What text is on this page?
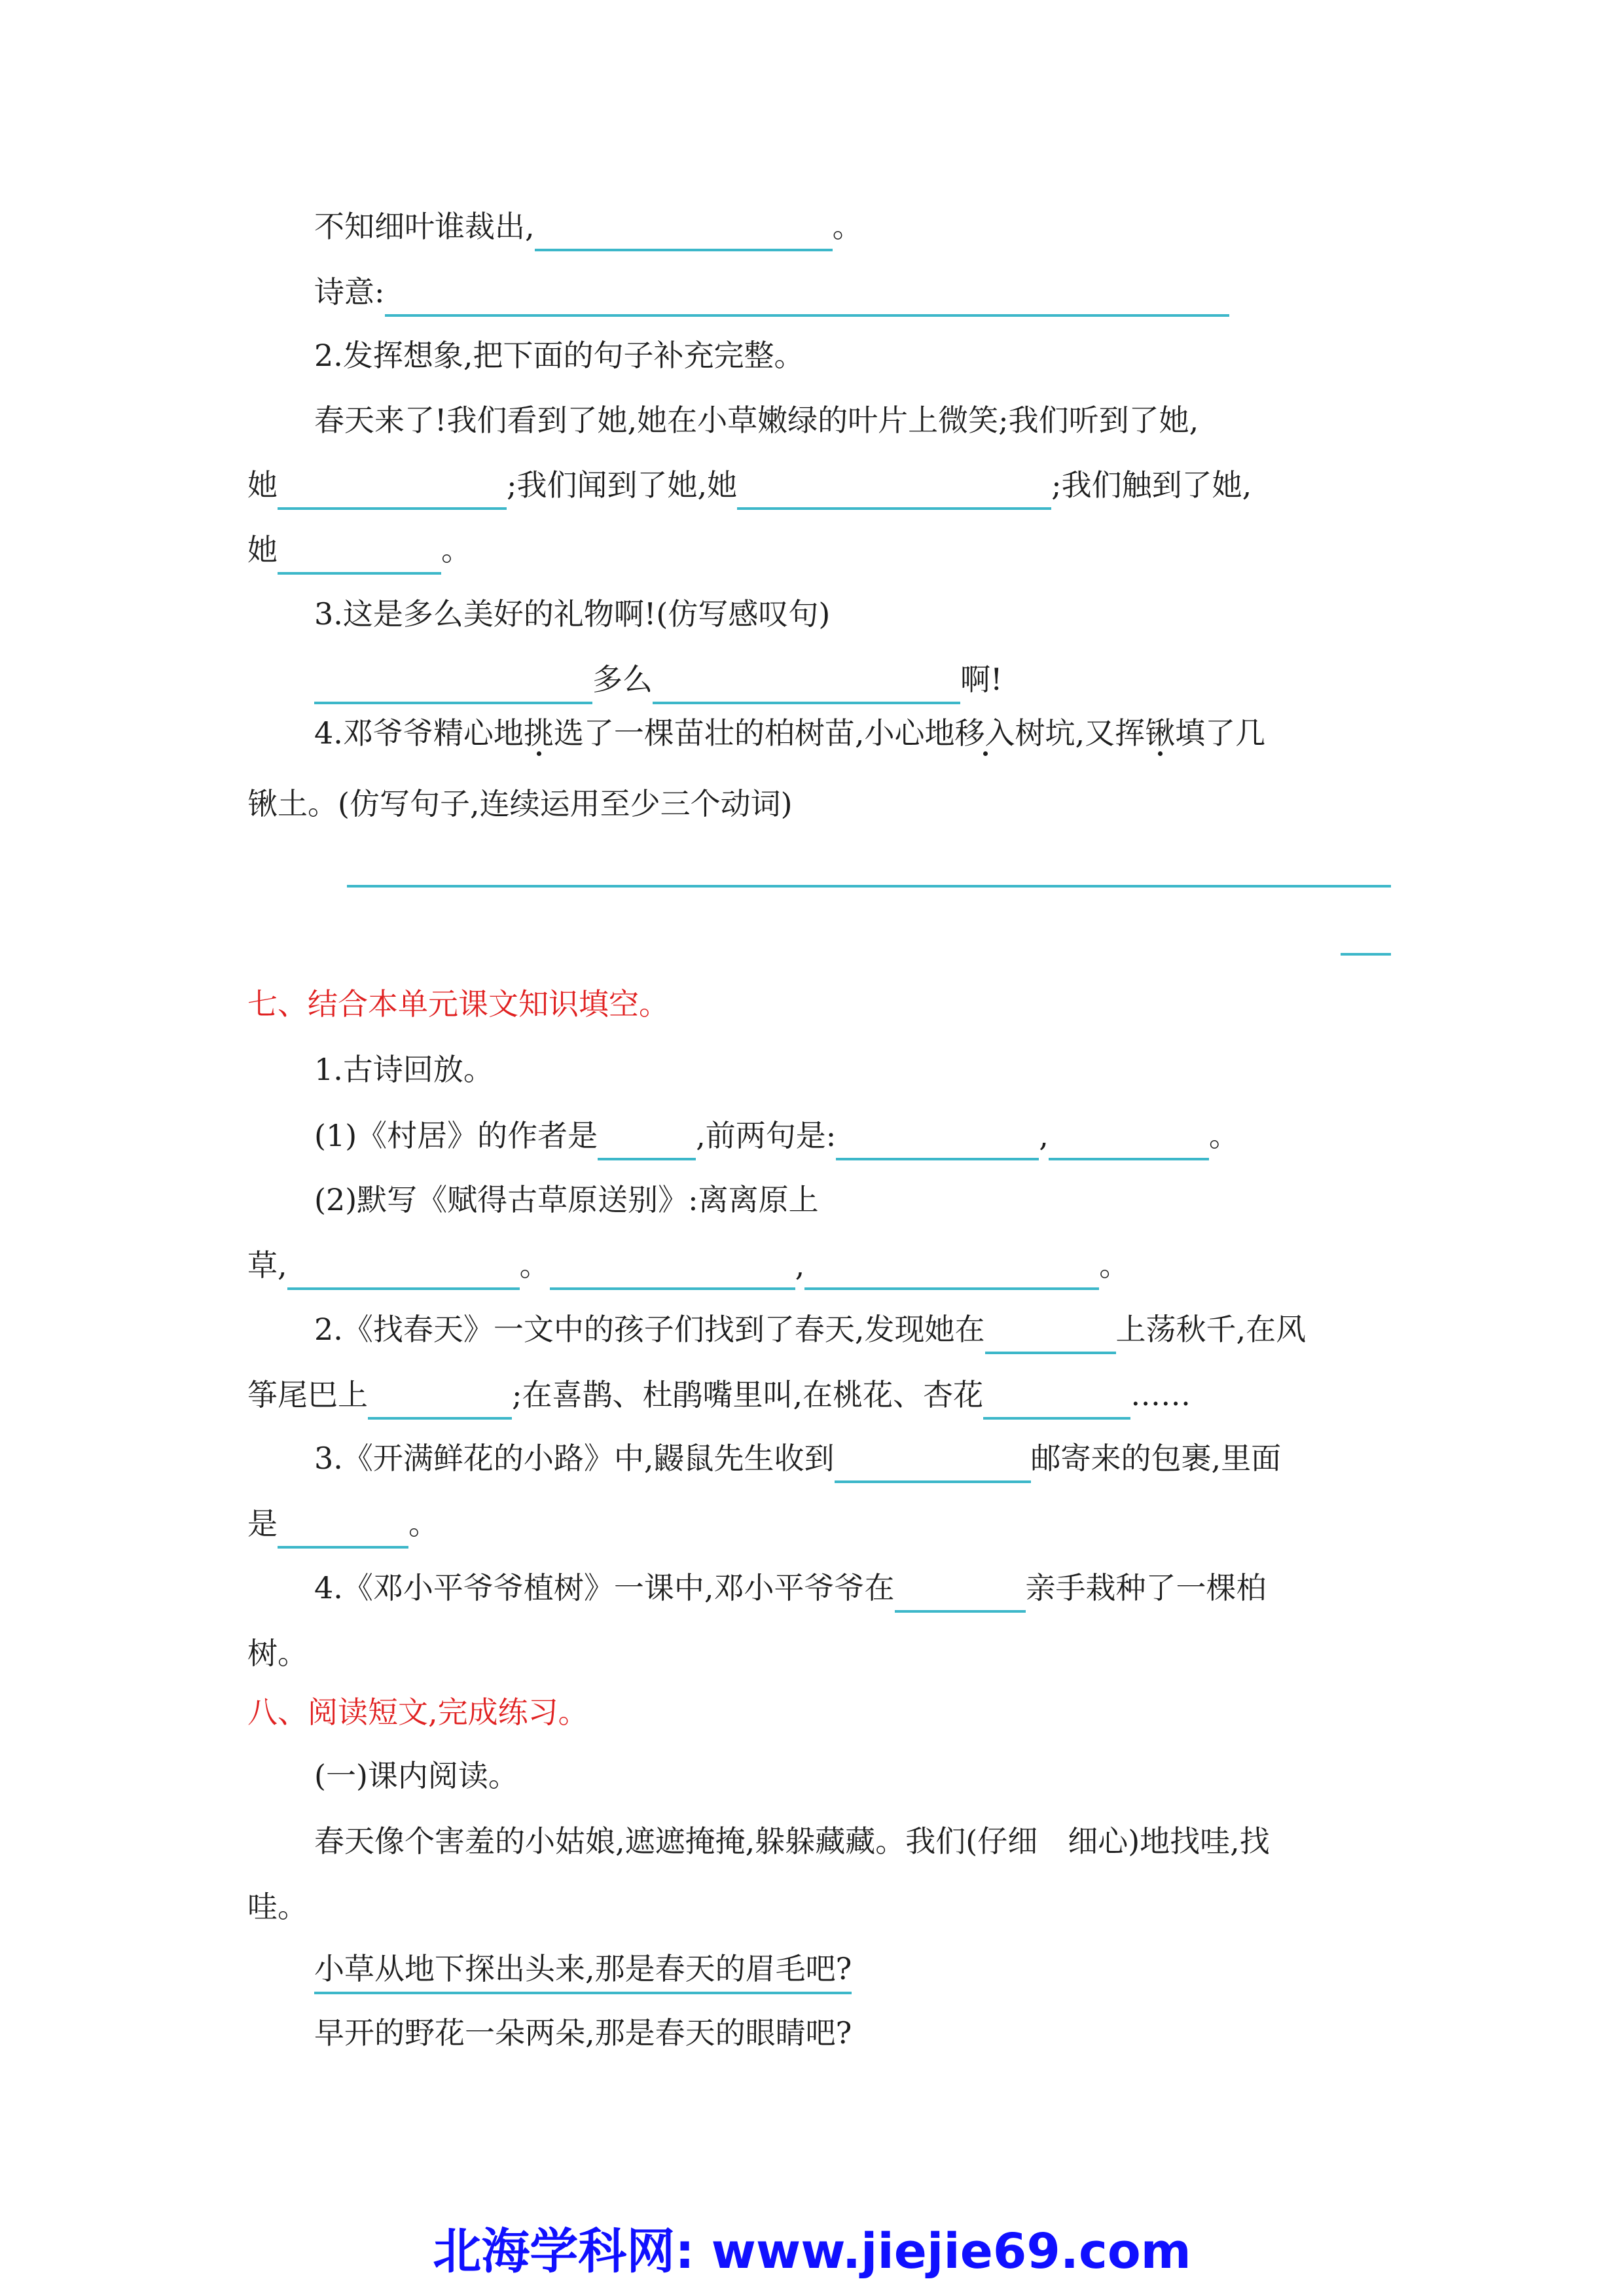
不知细叶谁裁出,	。
诗意:
2.发挥想象,把下面的句子补充完整。
春天来了!我们看到了她,她在小草嫩绿的叶片上微笑;我们听到了她,
她	;我们闻到了她,她	;我们触到了她,
她	。
3.这是多么美好的礼物啊!(仿写感叹句)
多么	啊!
4.邓爷爷精心地挑选了一棵苗壮的柏树苗,小心地移入树坑,又挥锹填了几
锹土。(仿写句子,连续运用至少三个动词)
七、结合本单元课文知识填空。
1.古诗回放。
(1)《村居》的作者是	,前两句是:	,	。
(2)默写《赋得古草原送别》:离离原上
草,	。	,	。
2.《找春天》一文中的孩子们找到了春天,发现她在	上荡秋千,在风
筝尾巴上	;在喜鹊、杜鹃嘴里叫,在桃花、杏花	……
3.《开满鲜花的小路》中,鼹鼠先生收到	邮寄来的包裹,里面
是	。
4.《邓小平爷爷植树》一课中,邓小平爷爷在	亲手栽种了一棵柏
树。
八、阅读短文,完成练习。
(一)课内阅读。
春天像个害羞的小姑娘,遮遮掩掩,躲躲藏藏。我们(仔细　细心)地找哇,找
哇。
小草从地下探出头来,那是春天的眉毛吧?
早开的野花一朵两朵,那是春天的眼睛吧?
北海学科网: www.jiejie69.com
